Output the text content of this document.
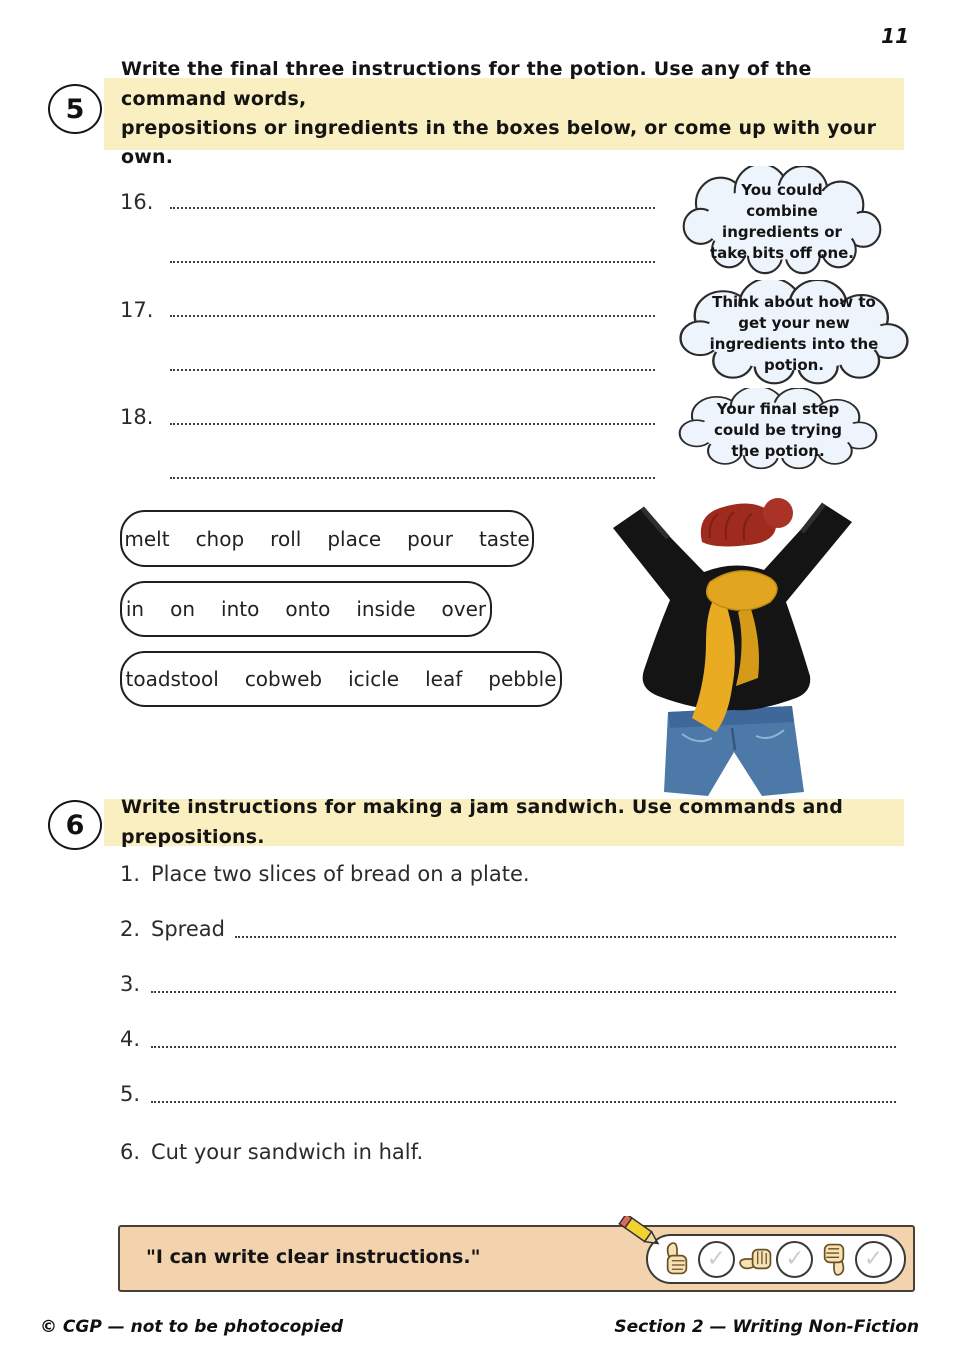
11
5
Write the final three instructions for the potion. Use any of the command words,
prepositions or ingredients in the boxes below, or come up with your own.
16.
17.
18.
You could combine ingredients or take bits off one.
Think about how to get your new ingredients into the potion.
Your final step could be trying the potion.
melt chop roll place pour taste
in on into onto inside over
toadstool cobweb icicle leaf pebble
6
Write instructions for making a jam sandwich. Use commands and prepositions.
1. Place two slices of bread on a plate.
2. Spread
3.
4.
5.
6. Cut your sandwich in half.
"I can write clear instructions."	✓	✓	✓
© CGP — not to be photocopied	Section 2 — Writing Non-Fiction
